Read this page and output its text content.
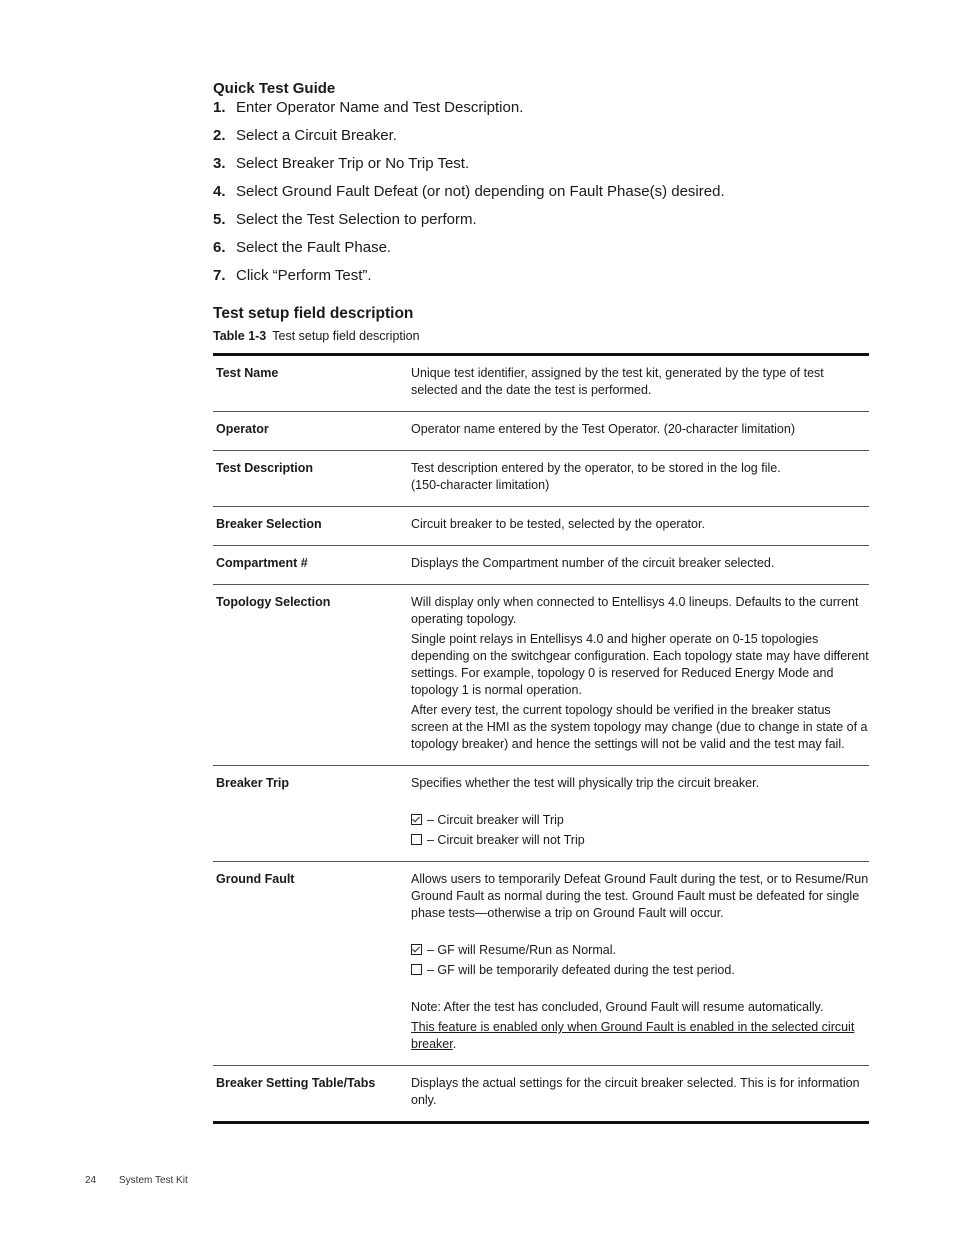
Quick Test Guide
1. Enter Operator Name and Test Description.
2. Select a Circuit Breaker.
3. Select Breaker Trip or No Trip Test.
4. Select Ground Fault Defeat (or not) depending on Fault Phase(s) desired.
5. Select the Test Selection to perform.
6. Select the Fault Phase.
7. Click “Perform Test”.
Test setup field description
Table 1-3 Test setup field description
Test Name	Unique test identifier, assigned by the test kit, generated by the type of test selected and the date the test is performed.

Operator	Operator name entered by the Test Operator. (20-character limitation)

Test Description	Test description entered by the operator, to be stored in the log file.

(150-character limitation)

Breaker Selection	Circuit breaker to be tested, selected by the operator.

Compartment #	Displays the Compartment number of the circuit breaker selected.

Topology Selection	Will display only when connected to Entellisys 4.0 lineups. Defaults to the current operating topology.

Single point relays in Entellisys 4.0 and higher operate on 0-15 topologies depending on the switchgear configuration. Each topology state may have different settings. For example, topology 0 is reserved for Reduced Energy Mode and topology 1 is normal operation.

After every test, the current topology should be verified in the breaker status screen at the HMI as the system topology may change (due to change in state of a topology breaker) and hence the settings will not be valid and the test may fail.

Breaker Trip	Specifies whether the test will physically trip the circuit breaker.

– Circuit breaker will Trip

– Circuit breaker will not Trip

Ground Fault	Allows users to temporarily Defeat Ground Fault during the test, or to Resume/Run Ground Fault as normal during the test. Ground Fault must be defeated for single phase tests—otherwise a trip on Ground Fault will occur.

– GF will Resume/Run as Normal.

– GF will be temporarily defeated during the test period.

Note: After the test has concluded, Ground Fault will resume automatically.

This feature is enabled only when Ground Fault is enabled in the selected circuit breaker.

Breaker Setting Table/Tabs	Displays the actual settings for the circuit breaker selected. This is for information only.

24 System Test Kit
